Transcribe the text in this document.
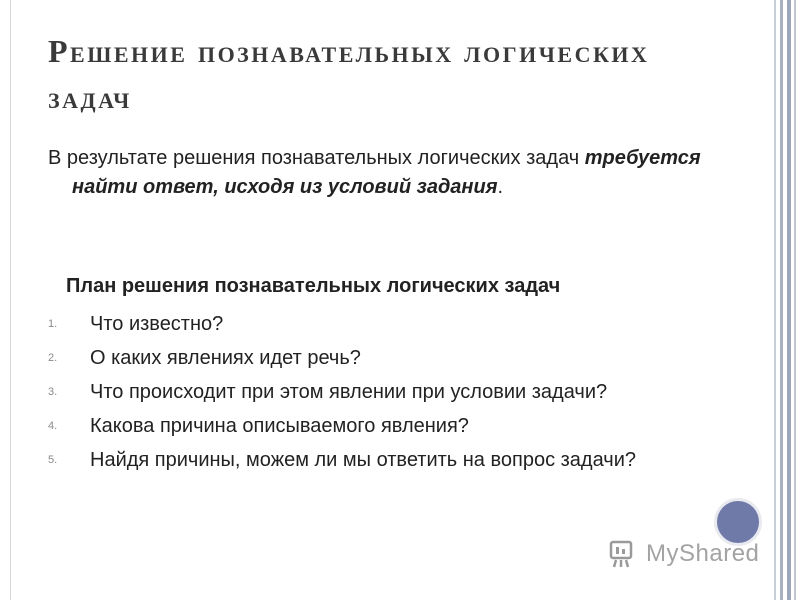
Решение познавательных логических задач

В результате решения познавательных логических задач требуется найти ответ, исходя из условий задания.

План решения познавательных логических задач

1. Что известно?
2. О каких явлениях идет речь?
3. Что происходит при этом явлении при условии задачи?
4. Какова причина описываемого явления?
5. Найдя причины, можем ли мы ответить на вопрос задачи?
MyShared
